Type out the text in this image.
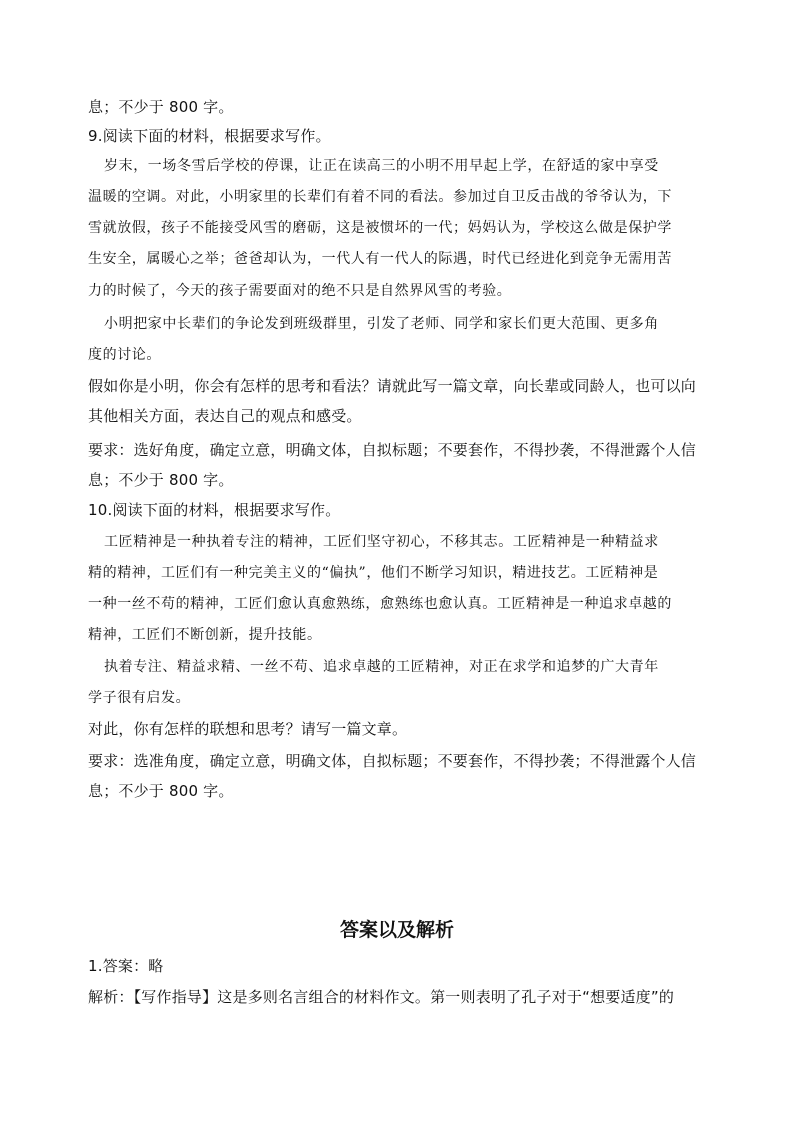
息；不少于 800 字。
9.阅读下面的材料，根据要求写作。
岁末，一场冬雪后学校的停课，让正在读高三的小明不用早起上学，在舒适的家中享受
温暖的空调。对此，小明家里的长辈们有着不同的看法。参加过自卫反击战的爷爷认为，下
雪就放假，孩子不能接受风雪的磨砺，这是被惯坏的一代；妈妈认为，学校这么做是保护学
生安全，属暖心之举；爸爸却认为，一代人有一代人的际遇，时代已经进化到竞争无需用苦
力的时候了，今天的孩子需要面对的绝不只是自然界风雪的考验。
小明把家中长辈们的争论发到班级群里，引发了老师、同学和家长们更大范围、更多角
度的讨论。
假如你是小明，你会有怎样的思考和看法？请就此写一篇文章，向长辈或同龄人，也可以向
其他相关方面，表达自己的观点和感受。
要求：选好角度，确定立意，明确文体，自拟标题；不要套作，不得抄袭，不得泄露个人信
息；不少于 800 字。
10.阅读下面的材料，根据要求写作。
工匠精神是一种执着专注的精神，工匠们坚守初心，不移其志。工匠精神是一种精益求
精的精神，工匠们有一种完美主义的“偏执”，他们不断学习知识，精进技艺。工匠精神是
一种一丝不苟的精神，工匠们愈认真愈熟练，愈熟练也愈认真。工匠精神是一种追求卓越的
精神，工匠们不断创新，提升技能。
执着专注、精益求精、一丝不苟、追求卓越的工匠精神，对正在求学和追梦的广大青年
学子很有启发。
对此，你有怎样的联想和思考？请写一篇文章。
要求：选准角度，确定立意，明确文体，自拟标题；不要套作，不得抄袭；不得泄露个人信
息；不少于 800 字。
答案以及解析
1.答案：略
解析：【写作指导】这是多则名言组合的材料作文。第一则表明了孔子对于“想要适度”的
